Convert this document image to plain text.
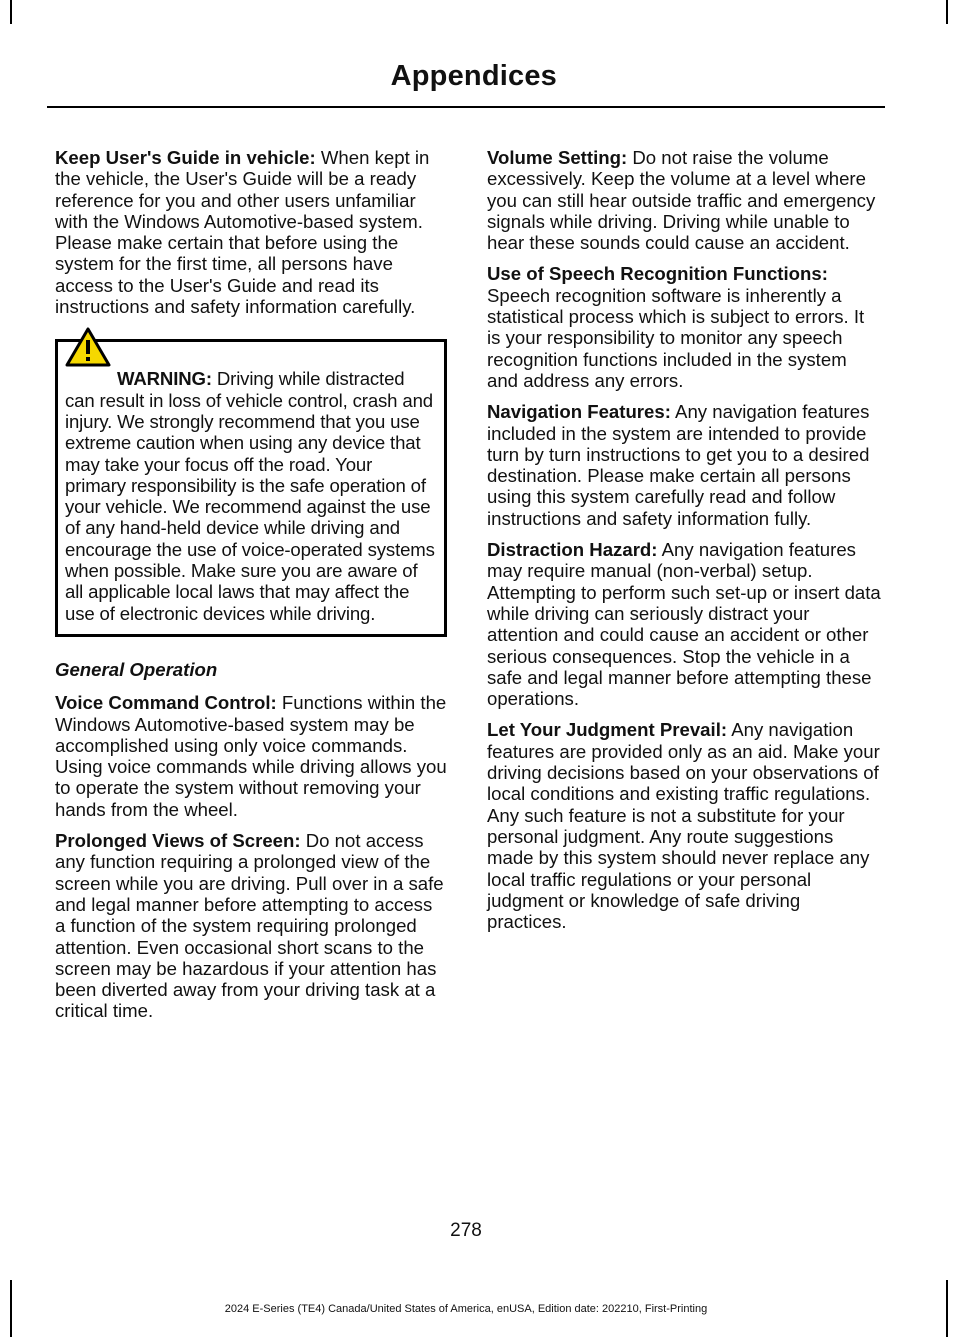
Appendices

Keep User's Guide in vehicle: When kept in the vehicle, the User's Guide will be a ready reference for you and other users unfamiliar with the Windows Automotive-based system. Please make certain that before using the system for the first time, all persons have access to the User's Guide and read its instructions and safety information carefully.

WARNING: Driving while distracted can result in loss of vehicle control, crash and injury. We strongly recommend that you use extreme caution when using any device that may take your focus off the road. Your primary responsibility is the safe operation of your vehicle. We recommend against the use of any hand-held device while driving and encourage the use of voice-operated systems when possible. Make sure you are aware of all applicable local laws that may affect the use of electronic devices while driving.

General Operation

Voice Command Control: Functions within the Windows Automotive-based system may be accomplished using only voice commands. Using voice commands while driving allows you to operate the system without removing your hands from the wheel.

Prolonged Views of Screen: Do not access any function requiring a prolonged view of the screen while you are driving. Pull over in a safe and legal manner before attempting to access a function of the system requiring prolonged attention. Even occasional short scans to the screen may be hazardous if your attention has been diverted away from your driving task at a critical time.

Volume Setting: Do not raise the volume excessively. Keep the volume at a level where you can still hear outside traffic and emergency signals while driving. Driving while unable to hear these sounds could cause an accident.

Use of Speech Recognition Functions: Speech recognition software is inherently a statistical process which is subject to errors. It is your responsibility to monitor any speech recognition functions included in the system and address any errors.

Navigation Features: Any navigation features included in the system are intended to provide turn by turn instructions to get you to a desired destination. Please make certain all persons using this system carefully read and follow instructions and safety information fully.

Distraction Hazard: Any navigation features may require manual (non-verbal) setup. Attempting to perform such set-up or insert data while driving can seriously distract your attention and could cause an accident or other serious consequences. Stop the vehicle in a safe and legal manner before attempting these operations.

Let Your Judgment Prevail: Any navigation features are provided only as an aid. Make your driving decisions based on your observations of local conditions and existing traffic regulations. Any such feature is not a substitute for your personal judgment. Any route suggestions made by this system should never replace any local traffic regulations or your personal judgment or knowledge of safe driving practices.

278
2024 E-Series (TE4) Canada/United States of America, enUSA, Edition date: 202210, First-Printing
